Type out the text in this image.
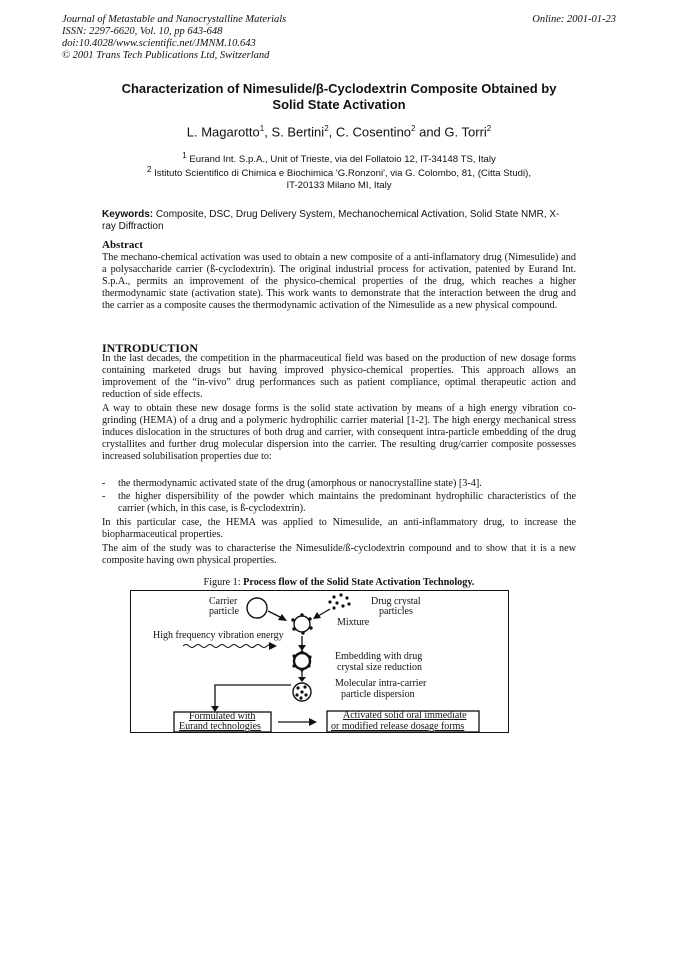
Journal of Metastable and Nanocrystalline Materials
ISSN: 2297-6620, Vol. 10, pp 643-648
doi:10.4028/www.scientific.net/JMNM.10.643
© 2001 Trans Tech Publications Ltd, Switzerland
Online: 2001-01-23
Characterization of Nimesulide/β-Cyclodextrin Composite Obtained by
Solid State Activation
L. Magarotto$^1$, S. Bertini$^2$, C. Cosentino$^2$ and G. Torri$^2$
$^1$ Eurand Int. S.p.A., Unit of Trieste, via del Follatoio 12, IT-34148 TS, Italy
$^2$ Istituto Scientifico di Chimica e Biochimica 'G.Ronzoni', via G. Colombo, 81, (Citta Studi),
IT-20133 Milano MI, Italy
Keywords: Composite, DSC, Drug Delivery System, Mechanochemical Activation, Solid State NMR, X-ray Diffraction
Abstract
The mechano-chemical activation was used to obtain a new composite of a anti-inflamatory drug (Nimesulide) and a polysaccharide carrier (ß-cyclodextrin). The original industrial process for activation, patented by Eurand Int. S.p.A., permits an improvement of the physico-chemical properties of the drug, which reaches a higher thermodynamic state (activation state). This work wants to demonstrate that the interaction between the drug and the carrier as a composite causes the thermodynamic activation of the Nimesulide as a new physical compound.
INTRODUCTION
In the last decades, the competition in the pharmaceutical field was based on the production of new dosage forms containing marketed drugs but having improved physico-chemical properties. This approach allows an improvement of the “in-vivo” drug performances such as patient compliance, optimal therapeutic action and reduction of side effects.
A way to obtain these new dosage forms is the solid state activation by means of a high energy vibration co-grinding (HEMA) of a drug and a polymeric hydrophilic carrier material [1-2]. The high energy mechanical stress induces dislocation in the structures of both drug and carrier, with consequent intra-particle embedding of the drug crystallites and further drug molecular dispersion into the carrier. The resulting drug/carrier composite possesses increased solubilisation properties due to:
- the thermodynamic activated state of the drug (amorphous or nanocrystalline state) [3-4].
- the higher dispersibility of the powder which maintains the predominant hydrophilic characteristics of the carrier (which, in this case, is ß-cyclodextrin).
In this particular case, the HEMA was applied to Nimesulide, an anti-inflammatory drug, to increase the biopharmaceutical properties.
The aim of the study was to characterise the Nimesulide/ß-cyclodextrin compound and to show that it is a new composite having own physical properties.
Figure 1: Process flow of the Solid State Activation Technology.
Carrier
particle
Drug crystal
particles
Mixture
High frequency vibration energy
Embedding with drug
crystal size reduction
Molecular intra-carrier
particle dispersion
Formulated with
Eurand technologies
Activated solid oral immediate
or modified release dosage forms
